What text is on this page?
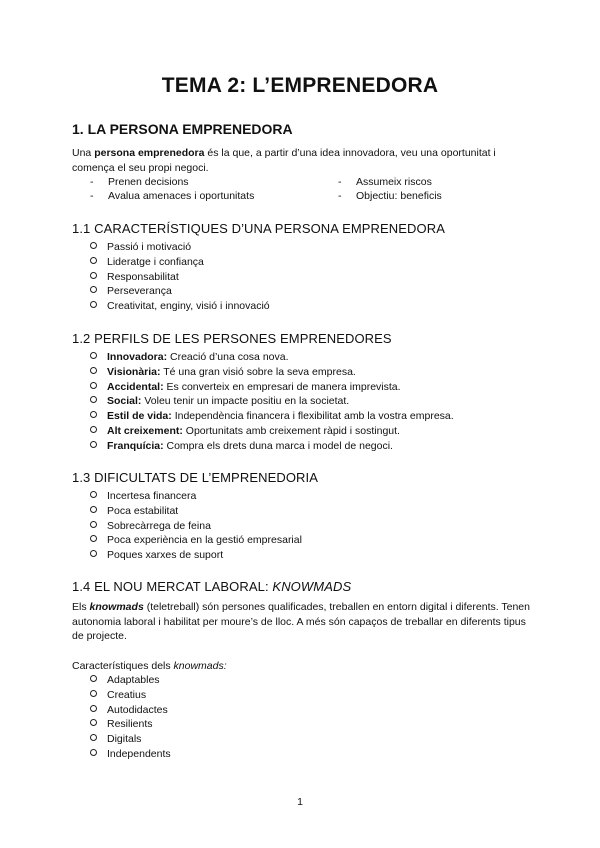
TEMA 2: L’EMPRENEDORA
1. LA PERSONA EMPRENEDORA

Una persona emprenedora és la que, a partir d’una idea innovadora, veu una oportunitat i comença el seu propi negoci.

- Prenen decisions	- Assumeix riscos
- Avalua amenaces i oportunitats	- Objectiu: beneficis
1.1 CARACTERÍSTIQUES D’UNA PERSONA EMPRENEDORA
Passió i motivació
Lideratge i confiança
Responsabilitat
Perseverança
Creativitat, enginy, visió i innovació
1.2 PERFILS DE LES PERSONES EMPRENEDORES
Innovadora: Creació d’una cosa nova.
Visionària: Té una gran visió sobre la seva empresa.
Accidental: Es converteix en empresari de manera imprevista.
Social: Voleu tenir un impacte positiu en la societat.
Estil de vida: Independència financera i flexibilitat amb la vostra empresa.
Alt creixement: Oportunitats amb creixement ràpid i sostingut.
Franquícia: Compra els drets duna marca i model de negoci.
1.3 DIFICULTATS DE L’EMPRENEDORIA
Incertesa financera
Poca estabilitat
Sobrecàrrega de feina
Poca experiència en la gestió empresarial
Poques xarxes de suport
1.4 EL NOU MERCAT LABORAL: KNOWMADS

Els knowmads (teletreball) són persones qualificades, treballen en entorn digital i diferents. Tenen autonomia laboral i habilitat per moure’s de lloc. A més són capaços de treballar en diferents tipus de projecte.

Característiques dels knowmads:

Adaptables
Creatius
Autodidactes
Resilients
Digitals
Independents
1
